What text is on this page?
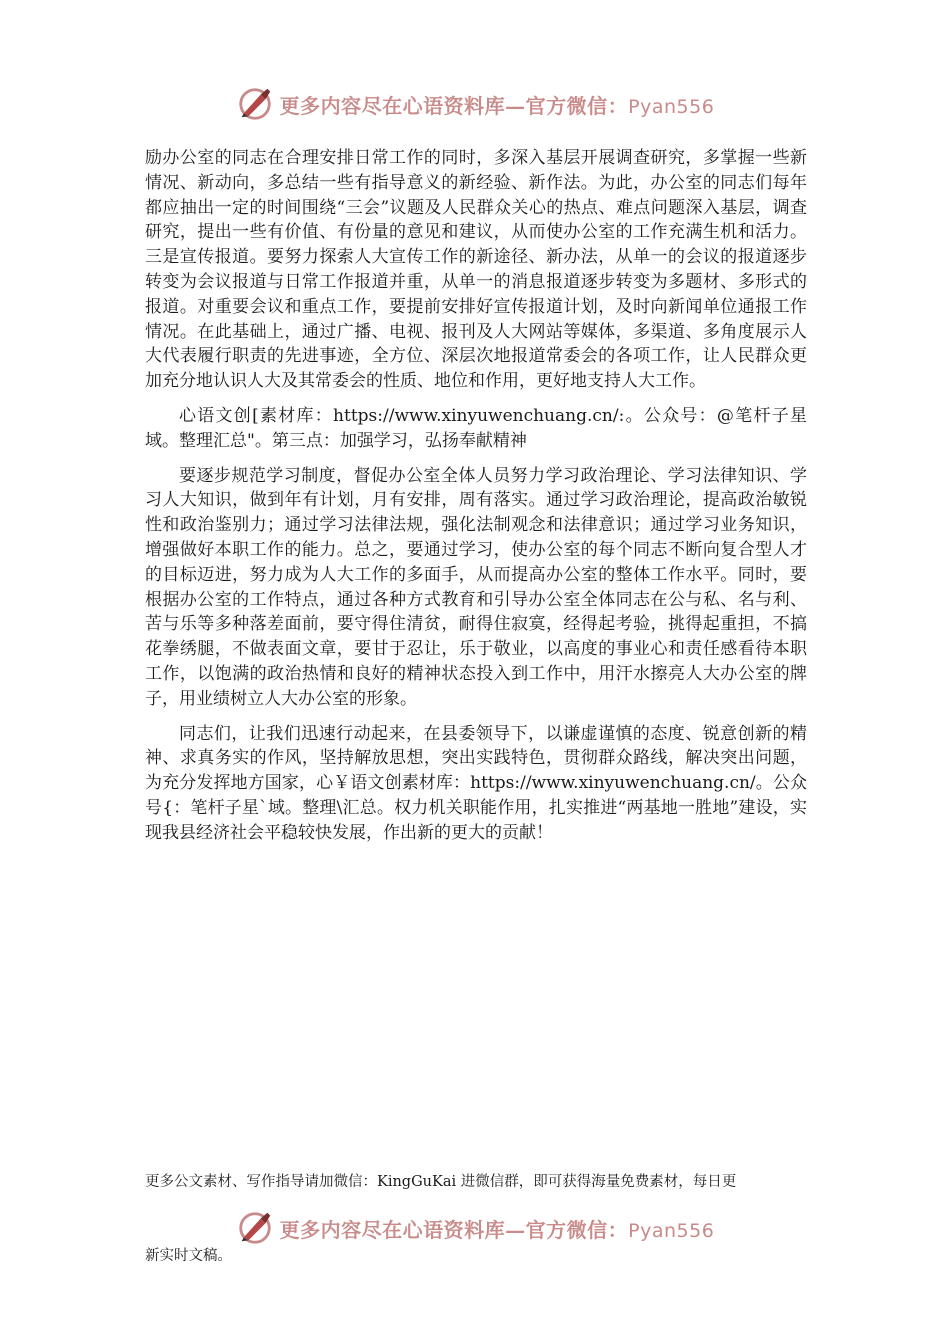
更多内容尽在心语资料库—官方微信：Pyan556

励办公室的同志在合理安排日常工作的同时，多深入基层开展调查研究，多掌握一些新情况、新动向，多总结一些有指导意义的新经验、新作法。为此，办公室的同志们每年都应抽出一定的时间围绕“三会”议题及人民群众关心的热点、难点问题深入基层，调查研究，提出一些有价值、有份量的意见和建议，从而使办公室的工作充满生机和活力。三是宣传报道。要努力探索人大宣传工作的新途径、新办法，从单一的会议的报道逐步转变为会议报道与日常工作报道并重，从单一的消息报道逐步转变为多题材、多形式的报道。对重要会议和重点工作，要提前安排好宣传报道计划，及时向新闻单位通报工作情况。在此基础上，通过广播、电视、报刊及人大网站等媒体，多渠道、多角度展示人大代表履行职责的先进事迹，全方位、深层次地报道常委会的各项工作，让人民群众更加充分地认识人大及其常委会的性质、地位和作用，更好地支持人大工作。

心语文创[素材库：https://www.xinyuwenchuang.cn/:。公众号：@笔杆子星域。整理汇总"。第三点：加强学习，弘扬奉献精神

要逐步规范学习制度，督促办公室全体人员努力学习政治理论、学习法律知识、学习人大知识，做到年有计划，月有安排，周有落实。通过学习政治理论，提高政治敏锐性和政治鉴别力；通过学习法律法规，强化法制观念和法律意识；通过学习业务知识，增强做好本职工作的能力。总之，要通过学习，使办公室的每个同志不断向复合型人才的目标迈进，努力成为人大工作的多面手，从而提高办公室的整体工作水平。同时，要根据办公室的工作特点，通过各种方式教育和引导办公室全体同志在公与私、名与利、苦与乐等多种落差面前，要守得住清贫，耐得住寂寞，经得起考验，挑得起重担，不搞花拳绣腿，不做表面文章，要甘于忍让，乐于敬业，以高度的事业心和责任感看待本职工作，以饱满的政治热情和良好的精神状态投入到工作中，用汗水擦亮人大办公室的牌子，用业绩树立人大办公室的形象。

同志们，让我们迅速行动起来，在县委领导下，以谦虚谨慎的态度、锐意创新的精神、求真务实的作风，坚持解放思想，突出实践特色，贯彻群众路线，解决突出问题，为充分发挥地方国家，心￥语文创素材库：https://www.xinyuwenchuang.cn/。公众号{：笔杆子星`域。整理\汇总。权力机关职能作用，扎实推进“两基地一胜地”建设，实现我县经济社会平稳较快发展，作出新的更大的贡献！

更多公文素材、写作指导请加微信：KingGuKai 进微信群，即可获得海量免费素材，每日更
更多内容尽在心语资料库—官方微信：Pyan556
新实时文稿。
